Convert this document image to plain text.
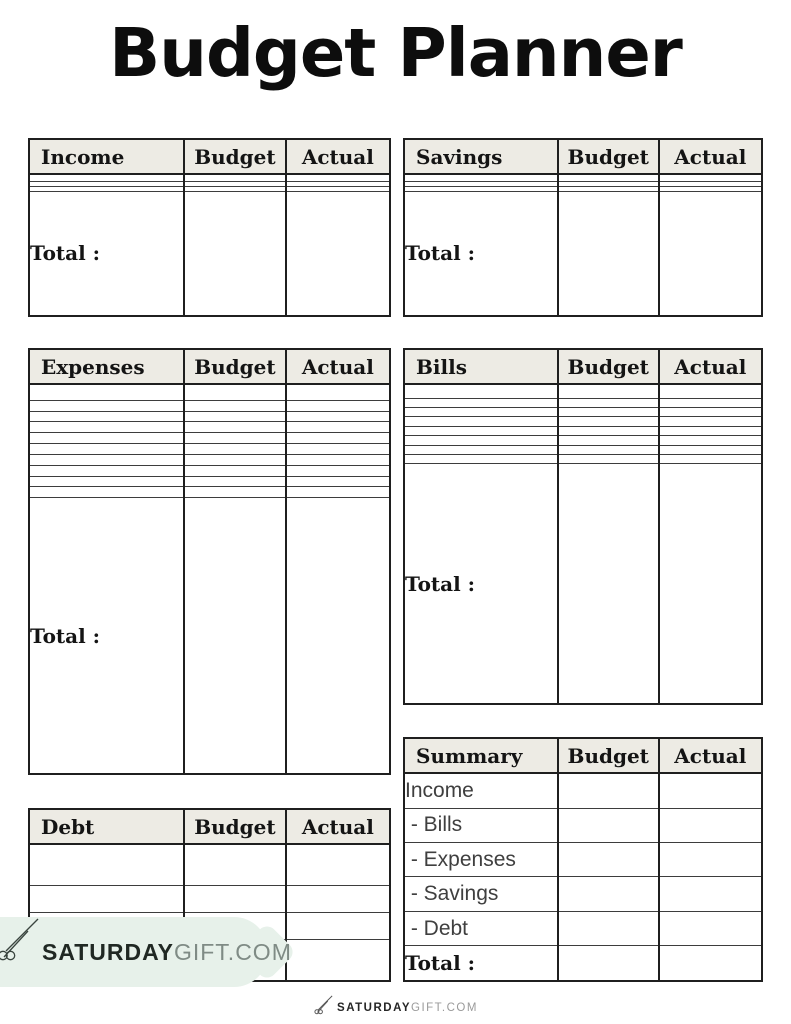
Budget Planner
Income	Budget	Actual

Total :		
Savings	Budget	Actual

Total :		
Expenses	Budget	Actual

Total :		
Bills	Budget	Actual

Total :		
Debt	Budget	Actual

Summary	Budget	Actual
Income		
- Bills		
- Expenses		
- Savings		
- Debt		
Total :		
SATURDAYGIFT.COM
SATURDAYGIFT.COM
